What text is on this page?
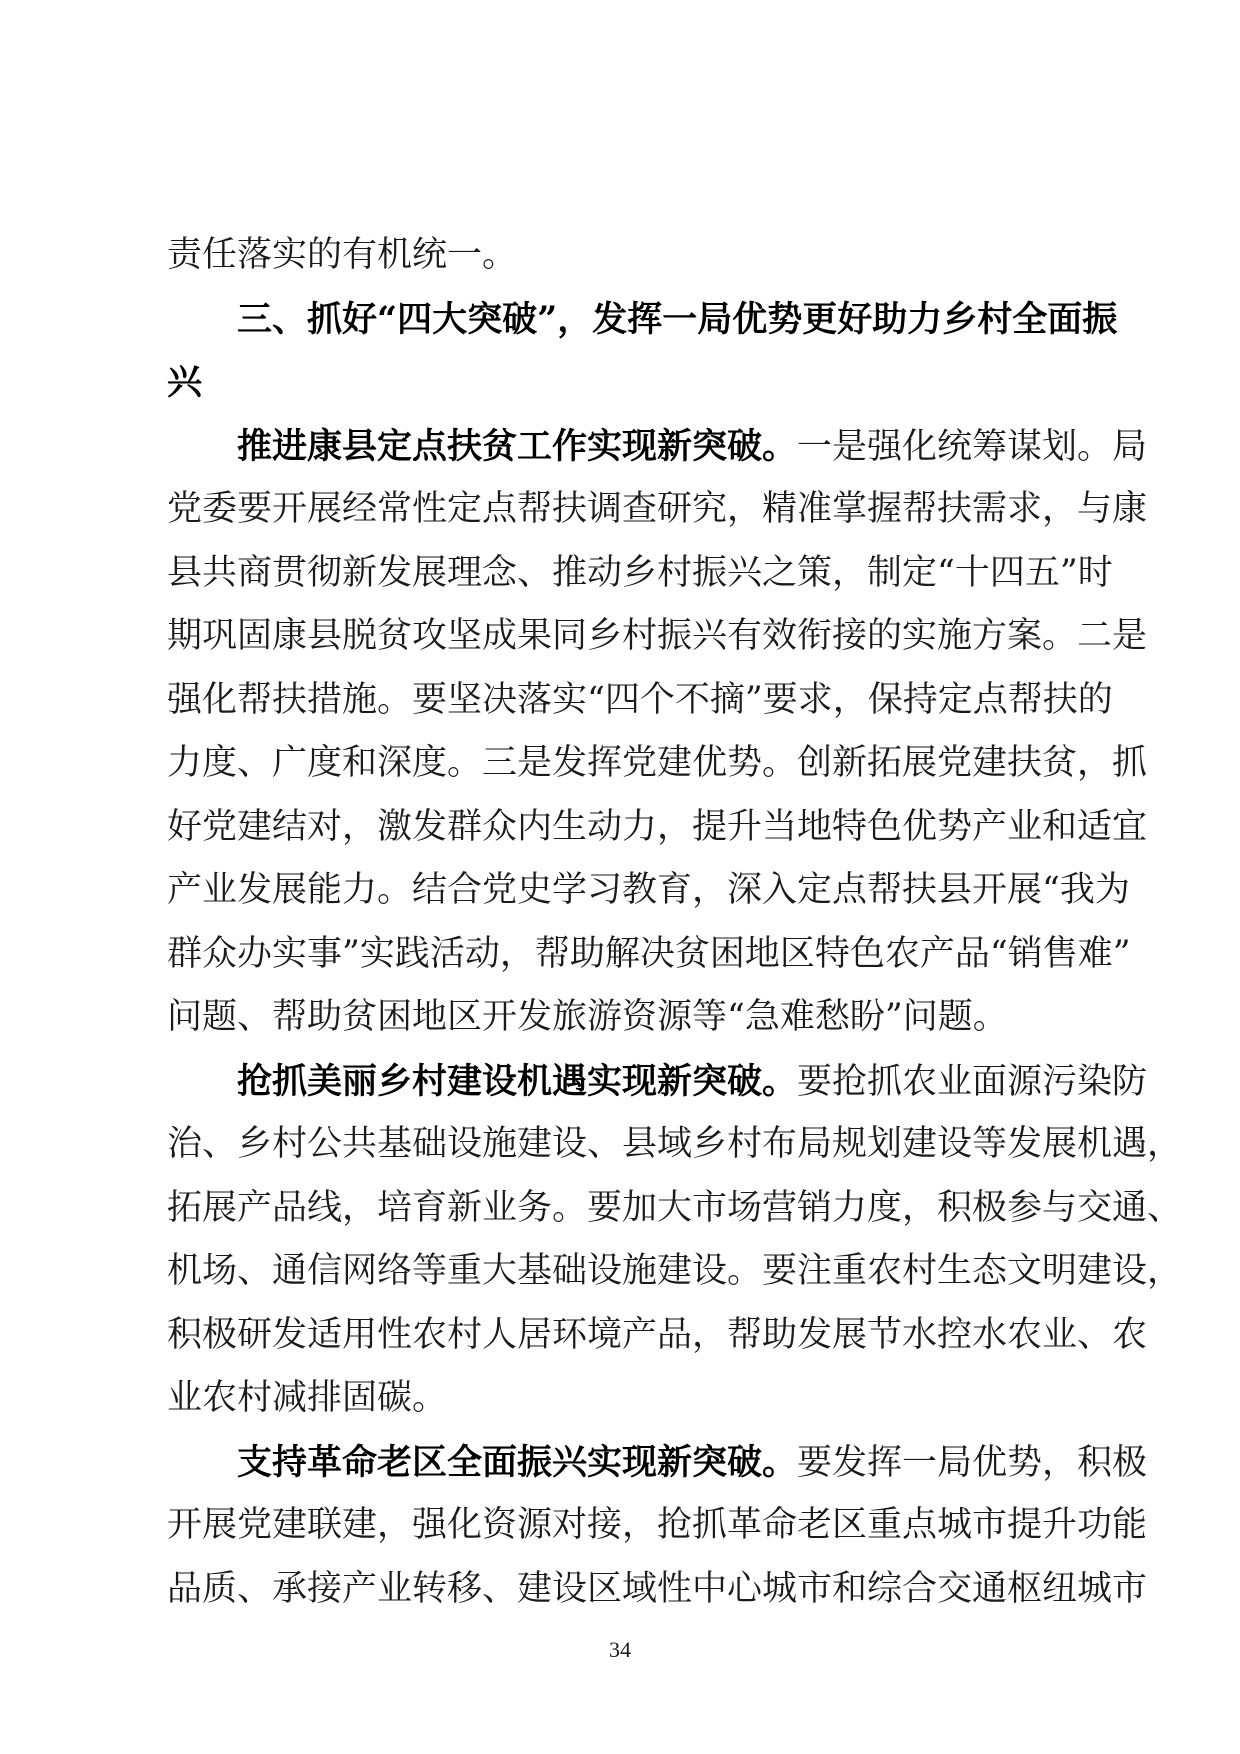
责任落实的有机统一。
三、抓好“四大突破”，发挥一局优势更好助力乡村全面振
兴
推进康县定点扶贫工作实现新突破。一是强化统筹谋划。局
党委要开展经常性定点帮扶调查研究，精准掌握帮扶需求，与康
县共商贯彻新发展理念、推动乡村振兴之策，制定“十四五”时
期巩固康县脱贫攻坚成果同乡村振兴有效衔接的实施方案。二是
强化帮扶措施。要坚决落实“四个不摘”要求，保持定点帮扶的
力度、广度和深度。三是发挥党建优势。创新拓展党建扶贫，抓
好党建结对，激发群众内生动力，提升当地特色优势产业和适宜
产业发展能力。结合党史学习教育，深入定点帮扶县开展“我为
群众办实事”实践活动，帮助解决贫困地区特色农产品“销售难”
问题、帮助贫困地区开发旅游资源等“急难愁盼”问题。
抢抓美丽乡村建设机遇实现新突破。要抢抓农业面源污染防
治、乡村公共基础设施建设、县域乡村布局规划建设等发展机遇，
拓展产品线，培育新业务。要加大市场营销力度，积极参与交通、
机场、通信网络等重大基础设施建设。要注重农村生态文明建设，
积极研发适用性农村人居环境产品，帮助发展节水控水农业、农
业农村减排固碳。
支持革命老区全面振兴实现新突破。要发挥一局优势，积极
开展党建联建，强化资源对接，抢抓革命老区重点城市提升功能
品质、承接产业转移、建设区域性中心城市和综合交通枢纽城市
34
